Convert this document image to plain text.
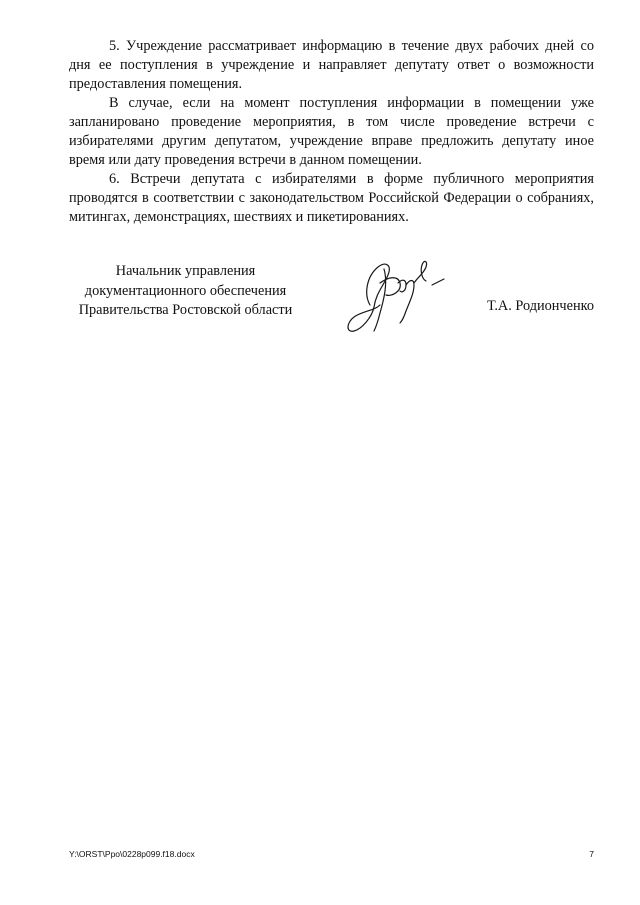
5. Учреждение рассматривает информацию в течение двух рабочих дней со дня ее поступления в учреждение и направляет депутату ответ о возможности предоставления помещения.

В случае, если на момент поступления информации в помещении уже запланировано проведение мероприятия, в том числе проведение встречи с избирателями другим депутатом, учреждение вправе предложить депутату иное время или дату проведения встречи в данном помещении.

6. Встречи депутата с избирателями в форме публичного мероприятия проводятся в соответствии с законодательством Российской Федерации о собраниях, митингах, демонстрациях, шествиях и пикетированиях.

Начальник управления
документационного обеспечения
Правительства Ростовской области	Т.А. Родионченко
Y:\ORST\Ppo\0228p099.f18.docx	7
